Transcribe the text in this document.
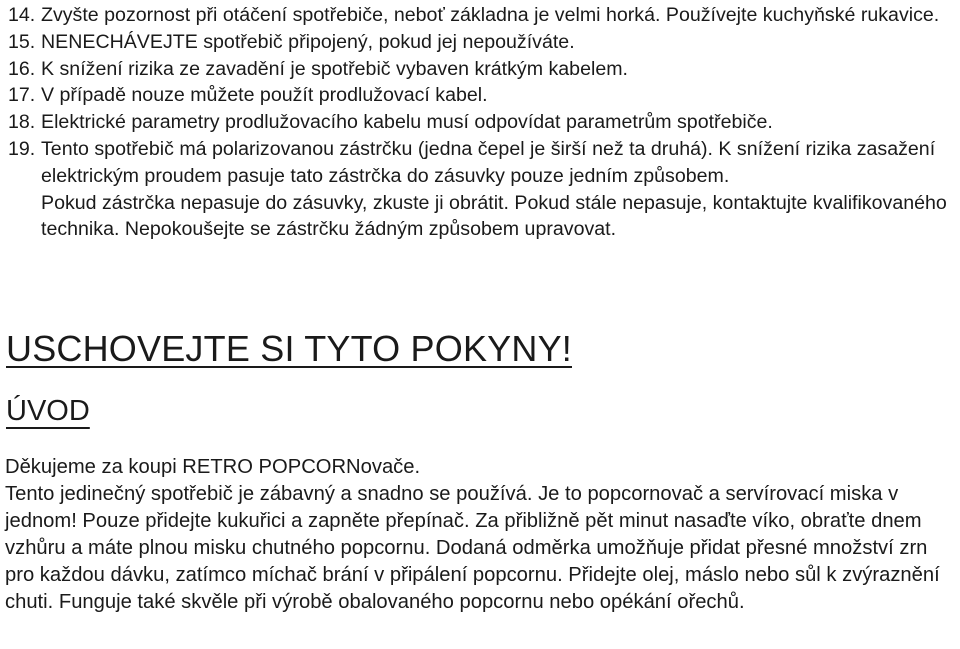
14. Zvyšte pozornost při otáčení spotřebiče, neboť základna je velmi horká. Používejte kuchyňské rukavice.

15. NENECHÁVEJTE spotřebič připojený, pokud jej nepoužíváte.

16. K snížení rizika ze zavadění je spotřebič vybaven krátkým kabelem.

17. V případě nouze můžete použít prodlužovací kabel.

18. Elektrické parametry prodlužovacího kabelu musí odpovídat parametrům spotřebiče.

19. Tento spotřebič má polarizovanou zástrčku (jedna čepel je širší než ta druhá). K snížení rizika zasažení elektrickým proudem pasuje tato zástrčka do zásuvky pouze jedním způsobem.

Pokud zástrčka nepasuje do zásuvky, zkuste ji obrátit. Pokud stále nepasuje, kontaktujte kvalifikovaného technika. Nepokoušejte se zástrčku žádným způsobem upravovat.

USCHOVEJTE SI TYTO POKYNY!
ÚVOD

Děkujeme za koupi RETRO POPCORNovače.

Tento jedinečný spotřebič je zábavný a snadno se používá. Je to popcornovač a servírovací miska v jednom! Pouze přidejte kukuřici a zapněte přepínač. Za přibližně pět minut nasaďte víko, obraťte dnem vzhůru a máte plnou misku chutného popcornu. Dodaná odměrka umožňuje přidat přesné množství zrn pro každou dávku, zatímco míchač brání v připálení popcornu. Přidejte olej, máslo nebo sůl k zvýraznění chuti. Funguje také skvěle při výrobě obalovaného popcornu nebo opékání ořechů.
